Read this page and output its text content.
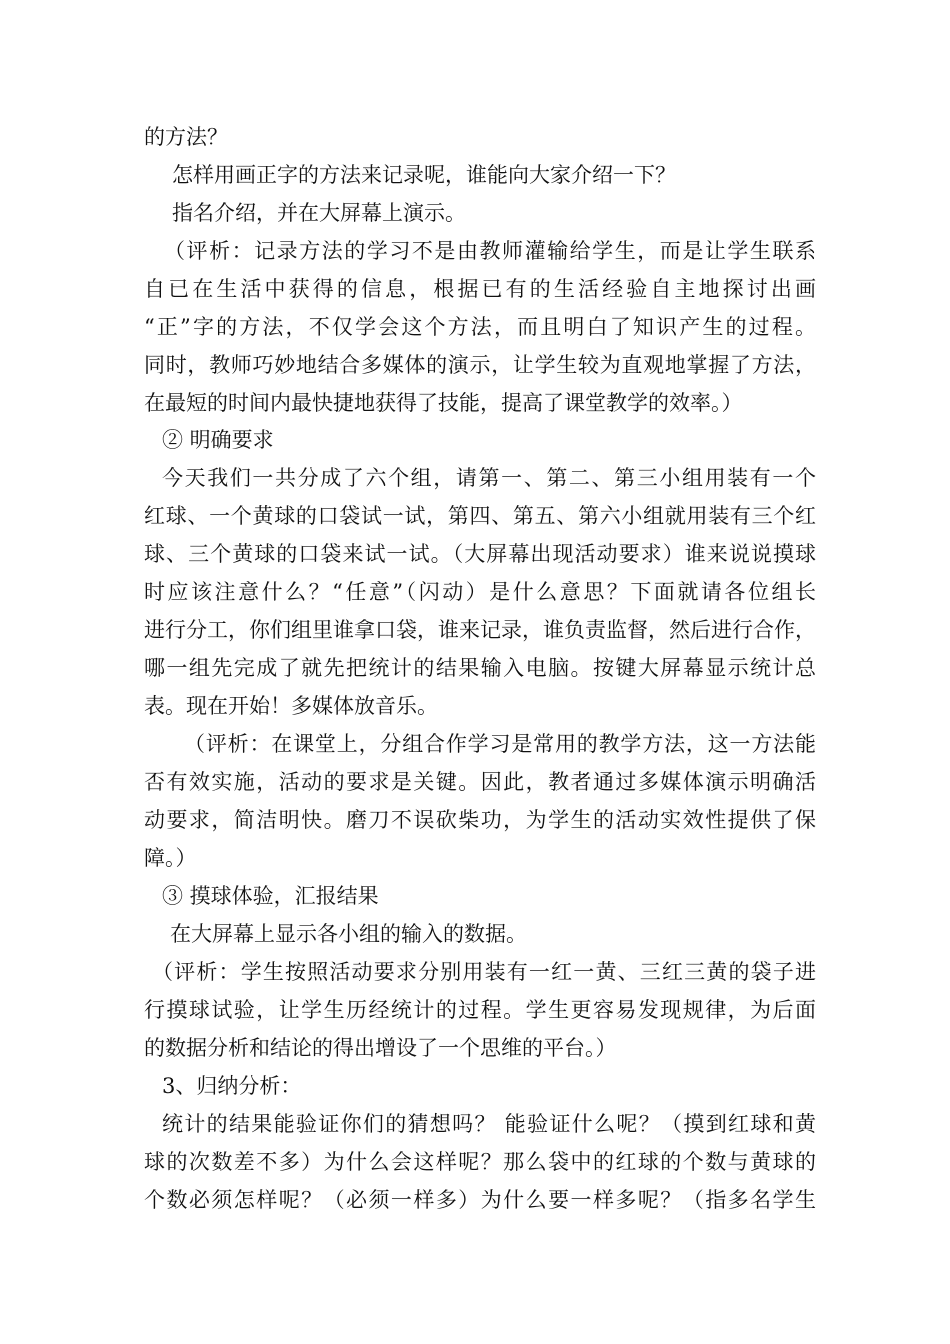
的方法？
怎样用画正字的方法来记录呢，谁能向大家介绍一下？
指名介绍，并在大屏幕上演示。
（评析：记录方法的学习不是由教师灌输给学生，而是让学生联系
自已在生活中获得的信息，根据已有的生活经验自主地探讨出画
“正”字的方法，不仅学会这个方法，而且明白了知识产生的过程。
同时，教师巧妙地结合多媒体的演示，让学生较为直观地掌握了方法，
在最短的时间内最快捷地获得了技能，提高了课堂教学的效率。）
② 明确要求
今天我们一共分成了六个组，请第一、第二、第三小组用装有一个
红球、一个黄球的口袋试一试，第四、第五、第六小组就用装有三个红
球、三个黄球的口袋来试一试。（大屏幕出现活动要求）谁来说说摸球
时应该注意什么？“任意”（闪动）是什么意思？下面就请各位组长
进行分工，你们组里谁拿口袋，谁来记录，谁负责监督，然后进行合作，
哪一组先完成了就先把统计的结果输入电脑。按键大屏幕显示统计总
表。现在开始！多媒体放音乐。
（评析：在课堂上，分组合作学习是常用的教学方法，这一方法能
否有效实施，活动的要求是关键。因此，教者通过多媒体演示明确活
动要求，简洁明快。磨刀不误砍柴功，为学生的活动实效性提供了保
障。）
③ 摸球体验，汇报结果
在大屏幕上显示各小组的输入的数据。
（评析：学生按照活动要求分别用装有一红一黄、三红三黄的袋子进
行摸球试验，让学生历经统计的过程。学生更容易发现规律，为后面
的数据分析和结论的得出增设了一个思维的平台。）
3、归纳分析：
统计的结果能验证你们的猜想吗？ 能验证什么呢？（摸到红球和黄
球的次数差不多）为什么会这样呢？那么袋中的红球的个数与黄球的
个数必须怎样呢？（必须一样多）为什么要一样多呢？（指多名学生
